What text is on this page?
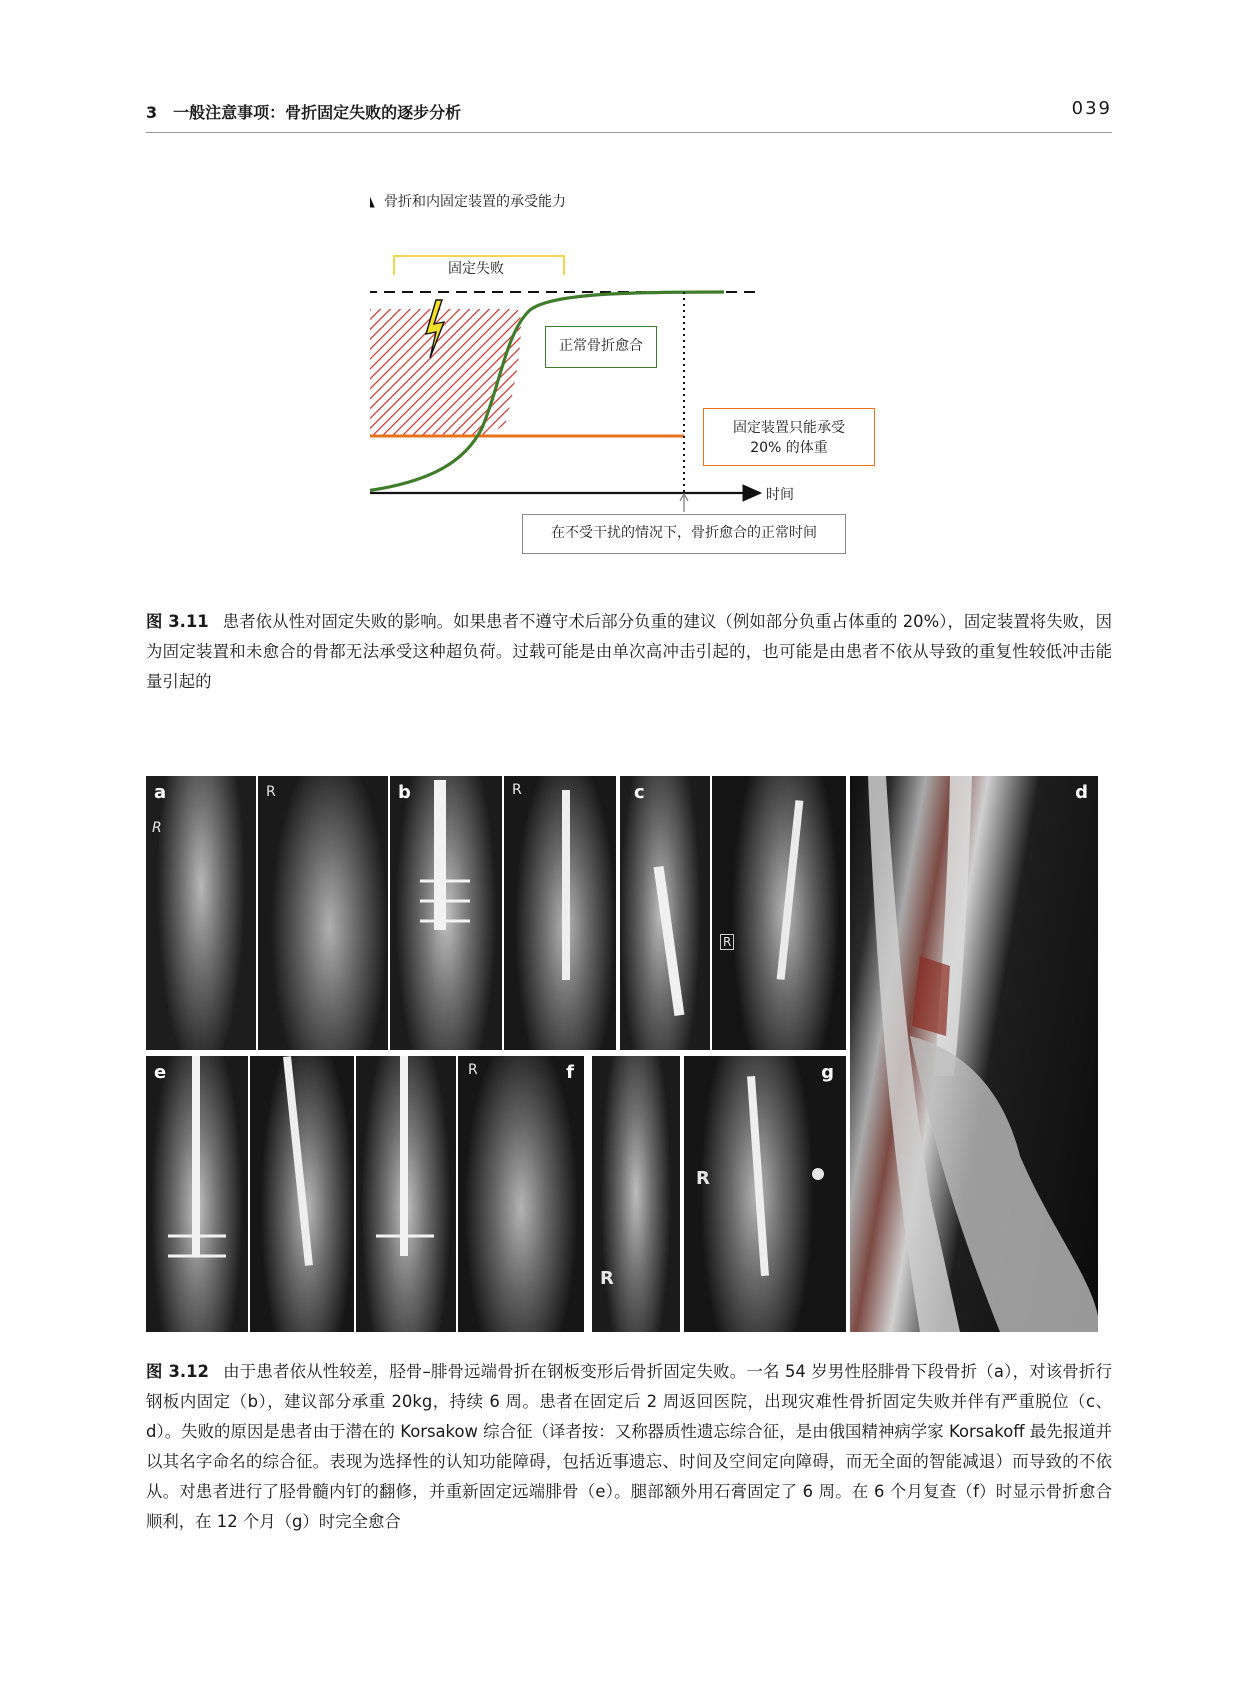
3　一般注意事项：骨折固定失败的逐步分析	039
骨折和内固定装置的承受能力
时间
固定失败
正常骨折愈合
固定装置只能承受
20% 的体重
在不受干扰的情况下，骨折愈合的正常时间
图 3.11 患者依从性对固定失败的影响。如果患者不遵守术后部分负重的建议（例如部分负重占体重的 20%），固定装置将失败，因为固定装置和未愈合的骨都无法承受这种超负荷。过载可能是由单次高冲击引起的，也可能是由患者不依从导致的重复性较低冲击能量引起的
a
R
R	b	R	c
R
d
e	f
R
R
g
R
图 3.12 由于患者依从性较差，胫骨–腓骨远端骨折在钢板变形后骨折固定失败。一名 54 岁男性胫腓骨下段骨折（a），对该骨折行钢板内固定（b），建议部分承重 20kg，持续 6 周。患者在固定后 2 周返回医院，出现灾难性骨折固定失败并伴有严重脱位（c、d）。失败的原因是患者由于潜在的 Korsakow 综合征（译者按：又称器质性遗忘综合征，是由俄国精神病学家 Korsakoff 最先报道并以其名字命名的综合征。表现为选择性的认知功能障碍，包括近事遗忘、时间及空间定向障碍，而无全面的智能减退）而导致的不依从。对患者进行了胫骨髓内钉的翻修，并重新固定远端腓骨（e）。腿部额外用石膏固定了 6 周。在 6 个月复查（f）时显示骨折愈合顺利，在 12 个月（g）时完全愈合
